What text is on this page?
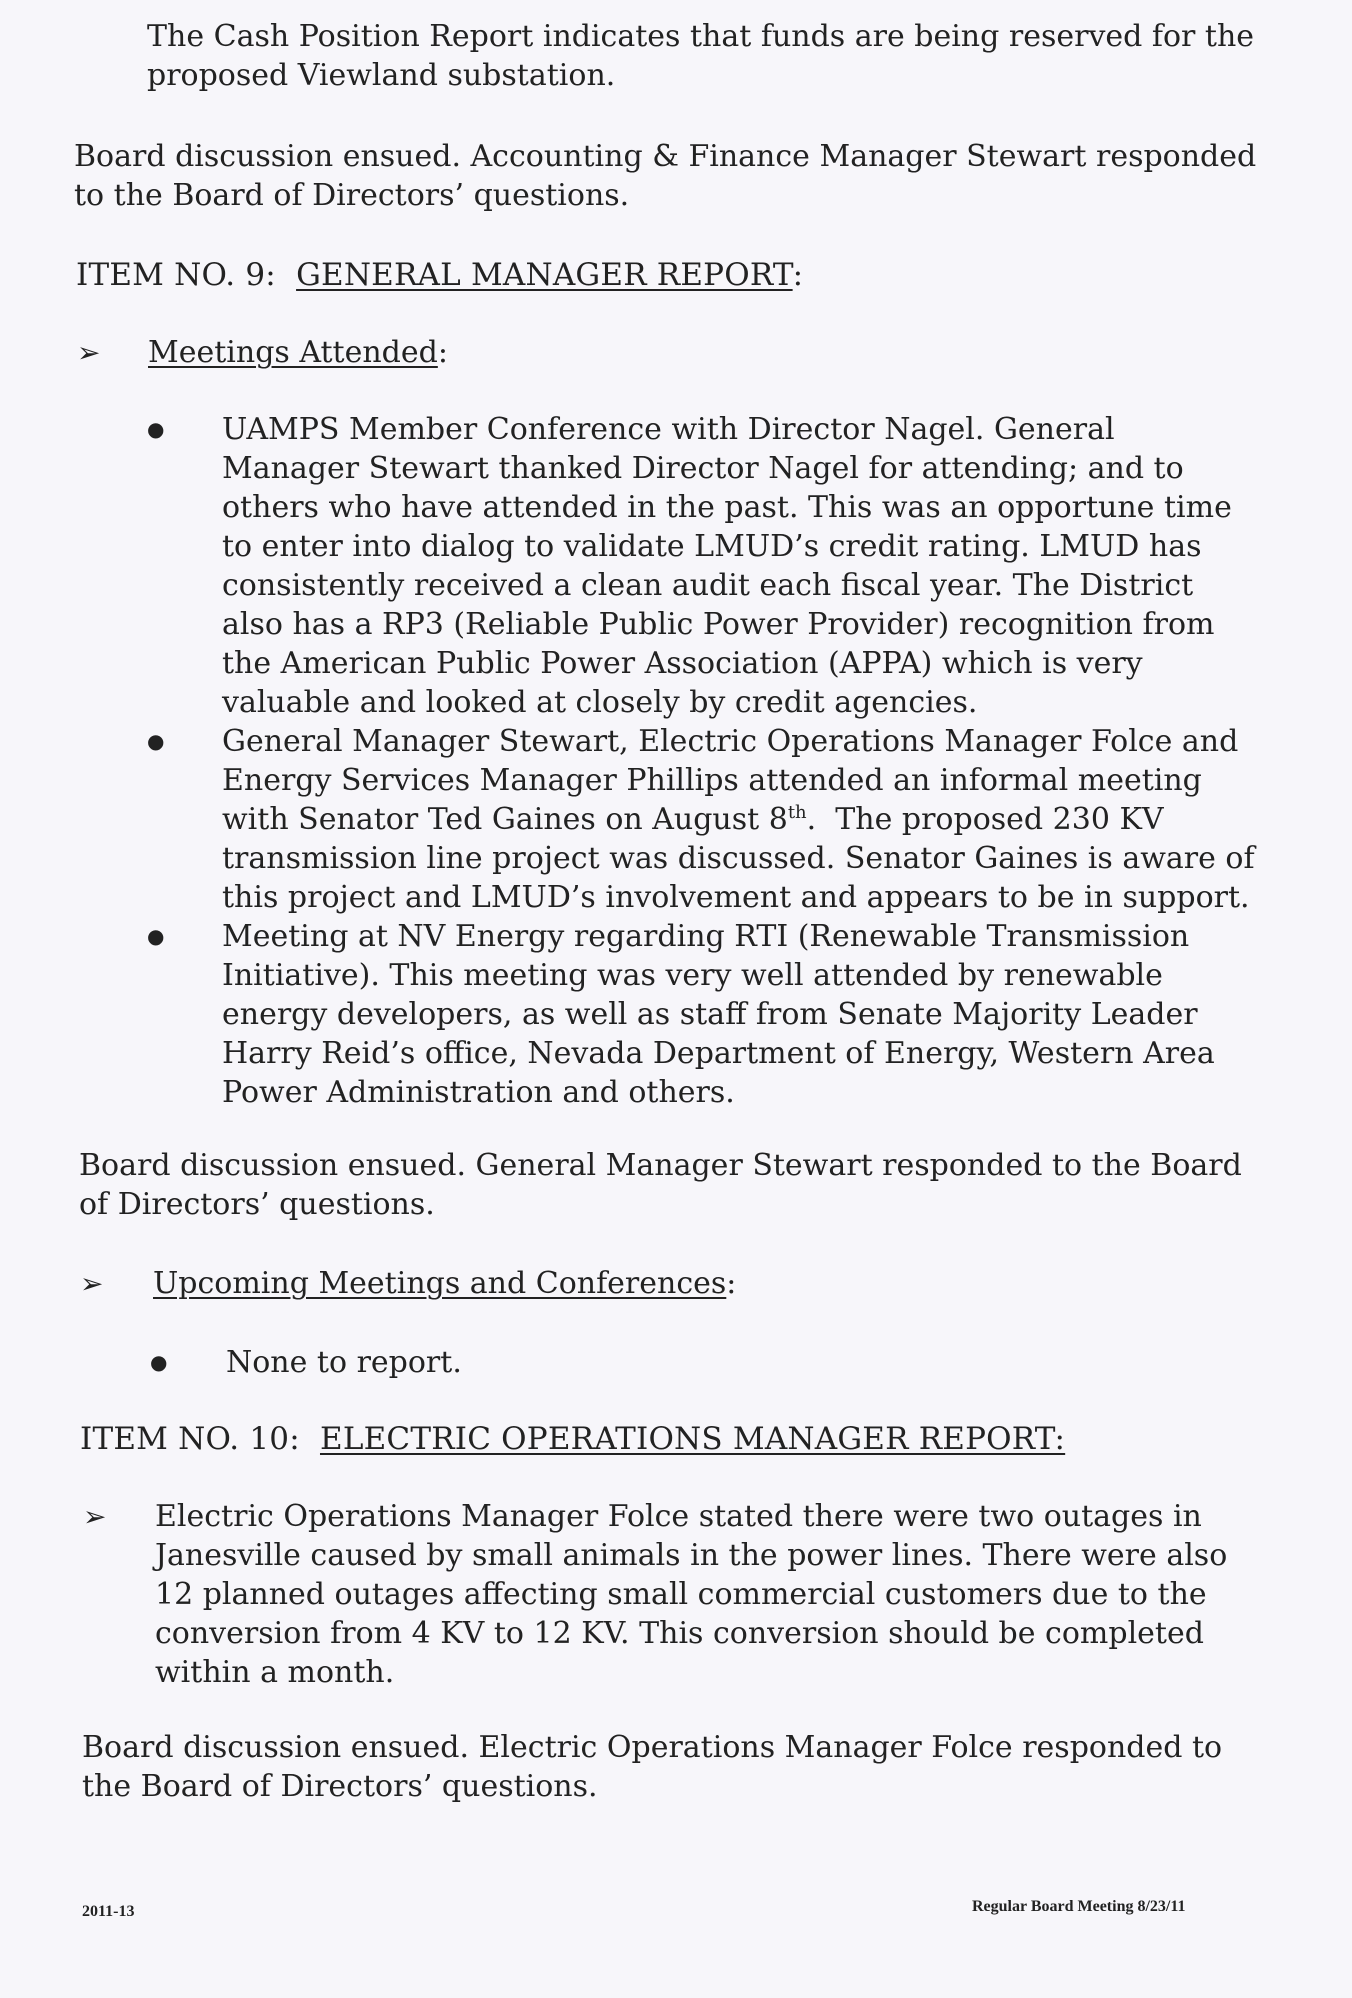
The Cash Position Report indicates that funds are being reserved for the
proposed Viewland substation.
Board discussion ensued. Accounting & Finance Manager Stewart responded
to the Board of Directors’ questions.
ITEM NO. 9:  GENERAL MANAGER REPORT:
➢ Meetings Attended:
● UAMPS Member Conference with Director Nagel. General
Manager Stewart thanked Director Nagel for attending; and to
others who have attended in the past. This was an opportune time
to enter into dialog to validate LMUD’s credit rating. LMUD has
consistently received a clean audit each fiscal year. The District
also has a RP3 (Reliable Public Power Provider) recognition from
the American Public Power Association (APPA) which is very
valuable and looked at closely by credit agencies.
● General Manager Stewart, Electric Operations Manager Folce and
Energy Services Manager Phillips attended an informal meeting
with Senator Ted Gaines on August 8th.  The proposed 230 KV
transmission line project was discussed. Senator Gaines is aware of
this project and LMUD’s involvement and appears to be in support.
● Meeting at NV Energy regarding RTI (Renewable Transmission
Initiative). This meeting was very well attended by renewable
energy developers, as well as staff from Senate Majority Leader
Harry Reid’s office, Nevada Department of Energy, Western Area
Power Administration and others.
Board discussion ensued. General Manager Stewart responded to the Board
of Directors’ questions.
➢ Upcoming Meetings and Conferences:
● None to report.
ITEM NO. 10:  ELECTRIC OPERATIONS MANAGER REPORT:
➢ Electric Operations Manager Folce stated there were two outages in
Janesville caused by small animals in the power lines. There were also
12 planned outages affecting small commercial customers due to the
conversion from 4 KV to 12 KV. This conversion should be completed
within a month.
Board discussion ensued. Electric Operations Manager Folce responded to
the Board of Directors’ questions.
2011-13	Regular Board Meeting 8/23/11
